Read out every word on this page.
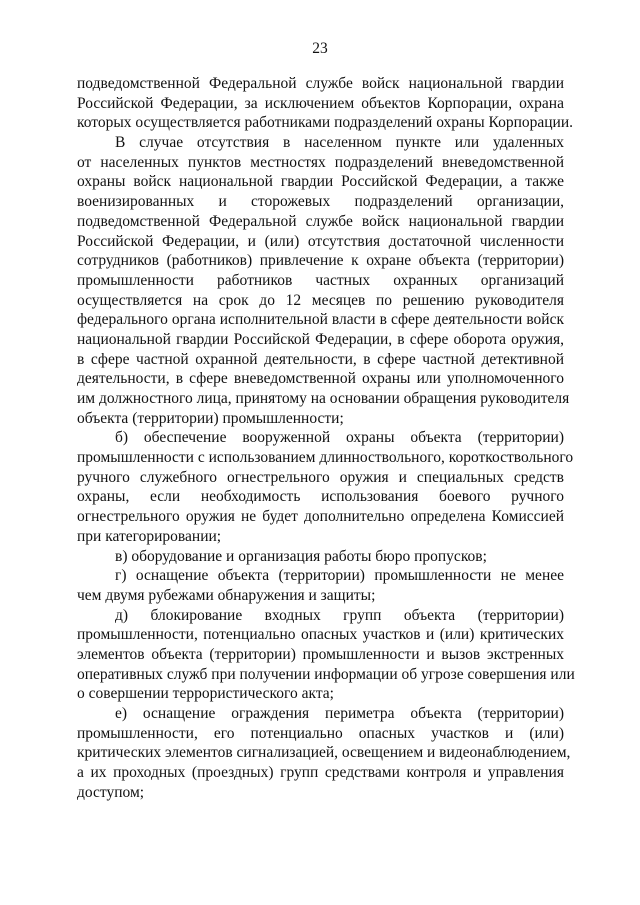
23
подведомственной Федеральной службе войск национальной гвардии
Российской Федерации, за исключением объектов Корпорации, охрана
которых осуществляется работниками подразделений охраны Корпорации.
В случае отсутствия в населенном пункте или удаленных
от населенных пунктов местностях подразделений вневедомственной
охраны войск национальной гвардии Российской Федерации, а также
военизированных и сторожевых подразделений организации,
подведомственной Федеральной службе войск национальной гвардии
Российской Федерации, и (или) отсутствия достаточной численности
сотрудников (работников) привлечение к охране объекта (территории)
промышленности работников частных охранных организаций
осуществляется на срок до 12 месяцев по решению руководителя
федерального органа исполнительной власти в сфере деятельности войск
национальной гвардии Российской Федерации, в сфере оборота оружия,
в сфере частной охранной деятельности, в сфере частной детективной
деятельности, в сфере вневедомственной охраны или уполномоченного
им должностного лица, принятому на основании обращения руководителя
объекта (территории) промышленности;
б) обеспечение вооруженной охраны объекта (территории)
промышленности с использованием длинноствольного, короткоствольного
ручного служебного огнестрельного оружия и специальных средств
охраны, если необходимость использования боевого ручного
огнестрельного оружия не будет дополнительно определена Комиссией
при категорировании;
в) оборудование и организация работы бюро пропусков;
г) оснащение объекта (территории) промышленности не менее
чем двумя рубежами обнаружения и защиты;
д) блокирование входных групп объекта (территории)
промышленности, потенциально опасных участков и (или) критических
элементов объекта (территории) промышленности и вызов экстренных
оперативных служб при получении информации об угрозе совершения или
о совершении террористического акта;
е) оснащение ограждения периметра объекта (территории)
промышленности, его потенциально опасных участков и (или)
критических элементов сигнализацией, освещением и видеонаблюдением,
а их проходных (проездных) групп средствами контроля и управления
доступом;
